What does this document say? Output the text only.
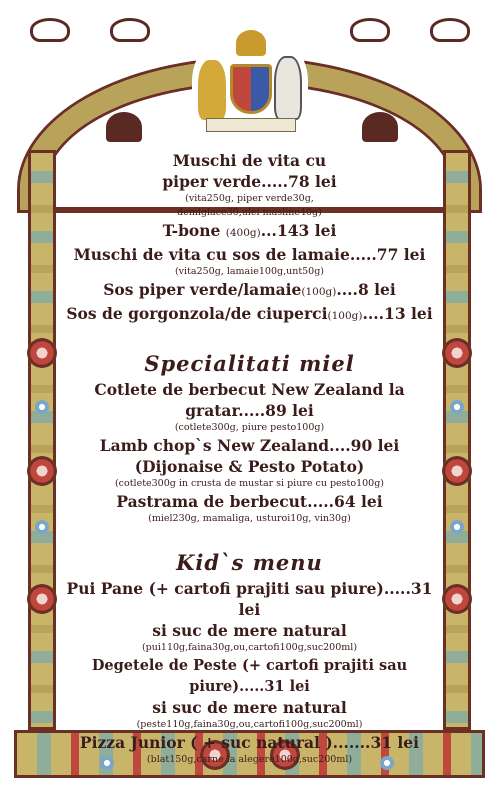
Muschi de vita cu
piper verde.....78 lei
(vita250g, piper verde30g,
demiglace30,ulei masline40g)
T-bone (400g)...143 lei
Muschi de vita cu sos de lamaie.....77 lei
(vita250g, lamaie100g,unt50g)
Sos piper verde/lamaie(100g)....8 lei
Sos de gorgonzola/de ciuperci(100g)....13 lei
Specialitati miel
Cotlete de berbecut New Zealand la gratar.....89 lei
(cotlete300g, piure pesto100g)
Lamb chop`s New Zealand....90 lei
(Dijonaise & Pesto Potato)
(cotlete300g in crusta de mustar si piure cu pesto100g)
Pastrama de berbecut.....64 lei
(miel230g, mamaliga, usturoi10g, vin30g)
Kid`s menu
Pui Pane (+ cartofi prajiti sau piure).....31 lei
si suc de mere natural
(pui110g,faina30g,ou,cartofi100g,suc200ml)
Degetele de Peste (+ cartofi prajiti sau piure).....31 lei
si suc de mere natural
(peste110g,faina30g,ou,cartofi100g,suc200ml)
Pizza Junior ( + suc natural ).......31 lei
(blat150g,carne la alegere100g,suc200ml)
